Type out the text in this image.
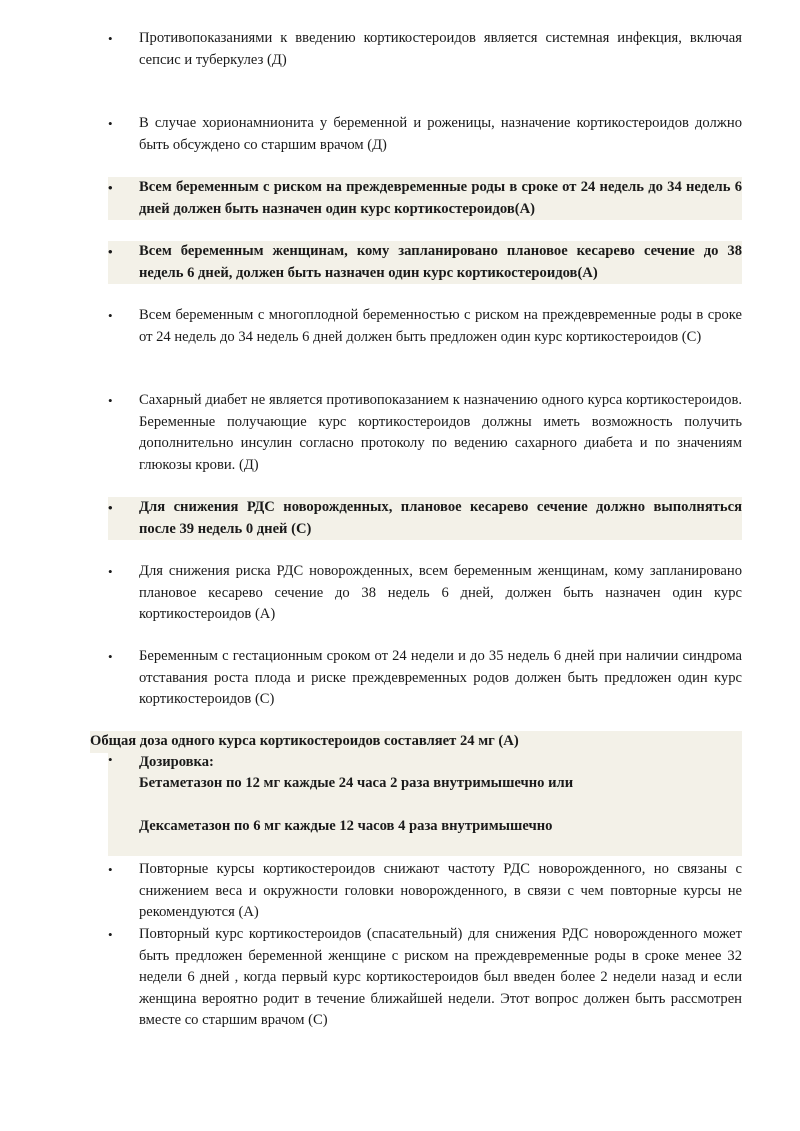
•	Противопоказаниями к введению кортикостероидов является системная инфекция, включая сепсис и туберкулез (Д)
•	В случае хорионамнионита у беременной и роженицы, назначение кортикостероидов должно быть обсуждено со старшим врачом (Д)
•	Всем беременным с риском на преждевременные роды в сроке от 24 недель до 34 недель 6 дней должен быть назначен один курс кортикостероидов(А)
•	Всем беременным женщинам, кому запланировано плановое кесарево сечение до 38 недель 6 дней, должен быть назначен один курс кортикостероидов(А)
•	Всем беременным с многоплодной беременностью с риском на преждевременные роды в сроке от 24 недель до 34 недель 6 дней должен быть предложен один курс кортикостероидов (С)
•	Сахарный диабет не является противопоказанием к назначению одного курса кортикостероидов. Беременные получающие курс кортикостероидов должны иметь возможность получить дополнительно инсулин согласно протоколу по ведению сахарного диабета и по значениям глюкозы крови. (Д)
•	Для снижения РДС новорожденных, плановое кесарево сечение должно выполняться после 39 недель 0 дней (С)
•	Для снижения риска РДС новорожденных, всем беременным женщинам, кому запланировано плановое кесарево сечение до 38 недель 6 дней, должен быть назначен один курс кортикостероидов (А)
•	Беременным с гестационным сроком от 24 недели и до 35 недель 6 дней при наличии синдрома отставания роста плода и риске преждевременных родов должен быть предложен один курс кортикостероидов (С)
Общая доза одного курса кортикостероидов составляет 24 мг (А)
• Дозировка:
Бетаметазон по 12 мг каждые 24 часа 2 раза внутримышечно или
Дексаметазон по 6 мг каждые 12 часов 4 раза внутримышечно
•	Повторные курсы кортикостероидов снижают частоту РДС новорожденного, но связаны с снижением веса и окружности головки новорожденного, в связи с чем повторные курсы не рекомендуются (А)
•	Повторный курс кортикостероидов (спасательный) для снижения РДС новорожденного может быть предложен беременной женщине с риском на преждевременные роды в сроке менее 32 недели 6 дней , когда первый курс кортикостероидов был введен более 2 недели назад и если женщина вероятно родит в течение ближайшей недели. Этот вопрос должен быть рассмотрен вместе со старшим врачом (С)
